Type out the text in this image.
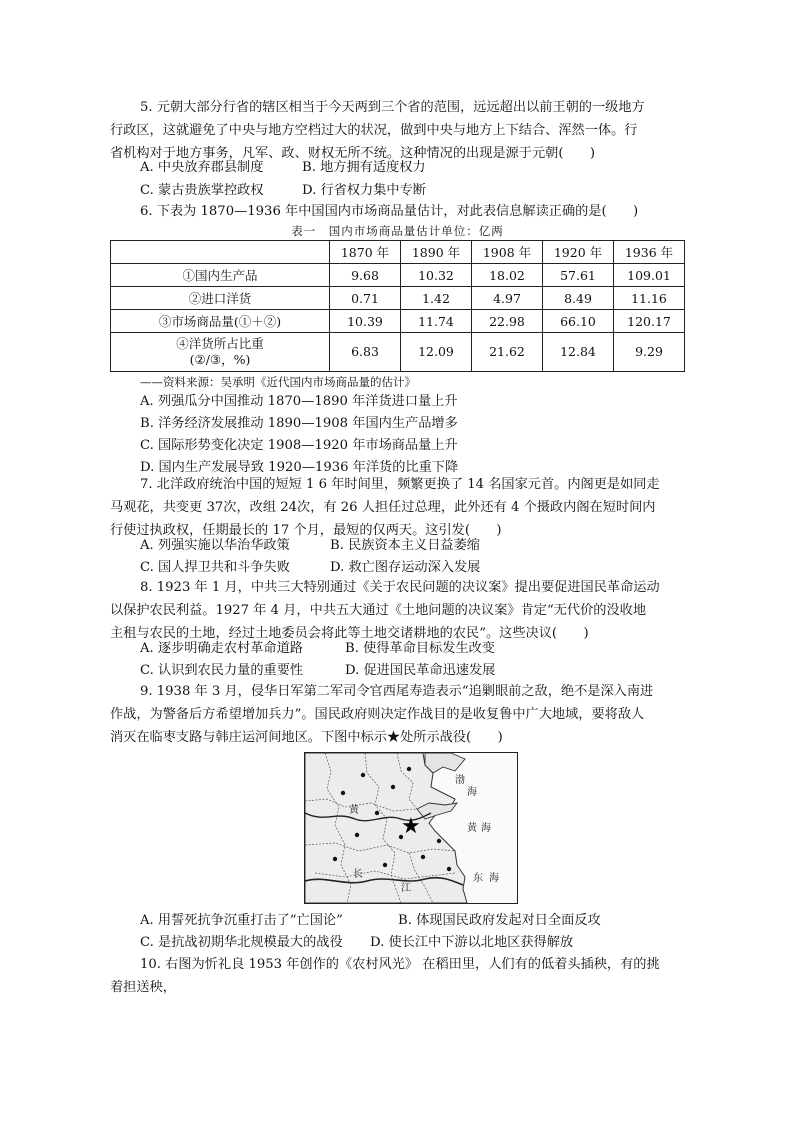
5. 元朝大部分行省的辖区相当于今天两到三个省的范围，远远超出以前王朝的一级地方
行政区，这就避免了中央与地方空档过大的状况，做到中央与地方上下结合、浑然一体。行
省机构对于地方事务，凡军、政、财权无所不统。这种情况的出现是源于元朝(　　)
A. 中央放弃郡县制度	B. 地方拥有适度权力
C. 蒙古贵族掌控政权	D. 行省权力集中专断
6. 下表为 1870—1936 年中国国内市场商品量估计，对此表信息解读正确的是(　　)
表一　国内市场商品量估计单位：亿两
	1870 年	1890 年	1908 年	1920 年	1936 年
①国内生产品	9.68	10.32	18.02	57.61	109.01
②进口洋货	0.71	1.42	4.97	8.49	11.16
③市场商品量(①＋②)	10.39	11.74	22.98	66.10	120.17
④洋货所占比重
(②/③，%)	6.83	12.09	21.62	12.84	9.29
——资料来源：吴承明《近代国内市场商品量的估计》
A. 列强瓜分中国推动 1870—1890 年洋货进口量上升
B. 洋务经济发展推动 1890—1908 年国内生产品增多
C. 国际形势变化决定 1908—1920 年市场商品量上升
D. 国内生产发展导致 1920—1936 年洋货的比重下降
7. 北洋政府统治中国的短短 1 6 年时间里，频繁更换了 14 名国家元首。内阁更是如同走
马观花，共变更 37次，改组 24次，有 26 人担任过总理，此外还有 4 个摄政内阁在短时间内
行使过执政权，任期最长的 17 个月，最短的仅两天。这引发(　　)
A. 列强实施以华治华政策	B. 民族资本主义日益萎缩
C. 国人捍卫共和斗争失败	D. 救亡图存运动深入发展
8. 1923 年 1 月，中共三大特别通过《关于农民问题的决议案》提出要促进国民革命运动
以保护农民利益。1927 年 4 月，中共五大通过《土地问题的决议案》肯定“无代价的没收地
主租与农民的土地，经过土地委员会将此等土地交诸耕地的农民”。这些决议(　　)
A. 逐步明确走农村革命道路	B. 使得革命目标发生改变
C. 认识到农民力量的重要性	D. 促进国民革命迅速发展
9. 1938 年 3 月，侵华日军第二军司令官西尾寿造表示“追剿眼前之敌，绝不是深入南进
作战，为警备后方希望增加兵力”。国民政府则决定作战目的是收复鲁中广大地域，要将敌人
消灭在临枣支路与韩庄运河间地区。下图中标示★处所示战役(　　)
渤
海
黄 海
东 海
长
江
黄
★
A. 用誓死抗争沉重打击了“亡国论”	B. 体现国民政府发起对日全面反攻
C. 是抗战初期华北规模最大的战役 D. 使长江中下游以北地区获得解放
10. 右图为忻礼良 1953 年创作的《农村风光》 在稻田里，人们有的低着头插秧，有的挑
着担送秧，
